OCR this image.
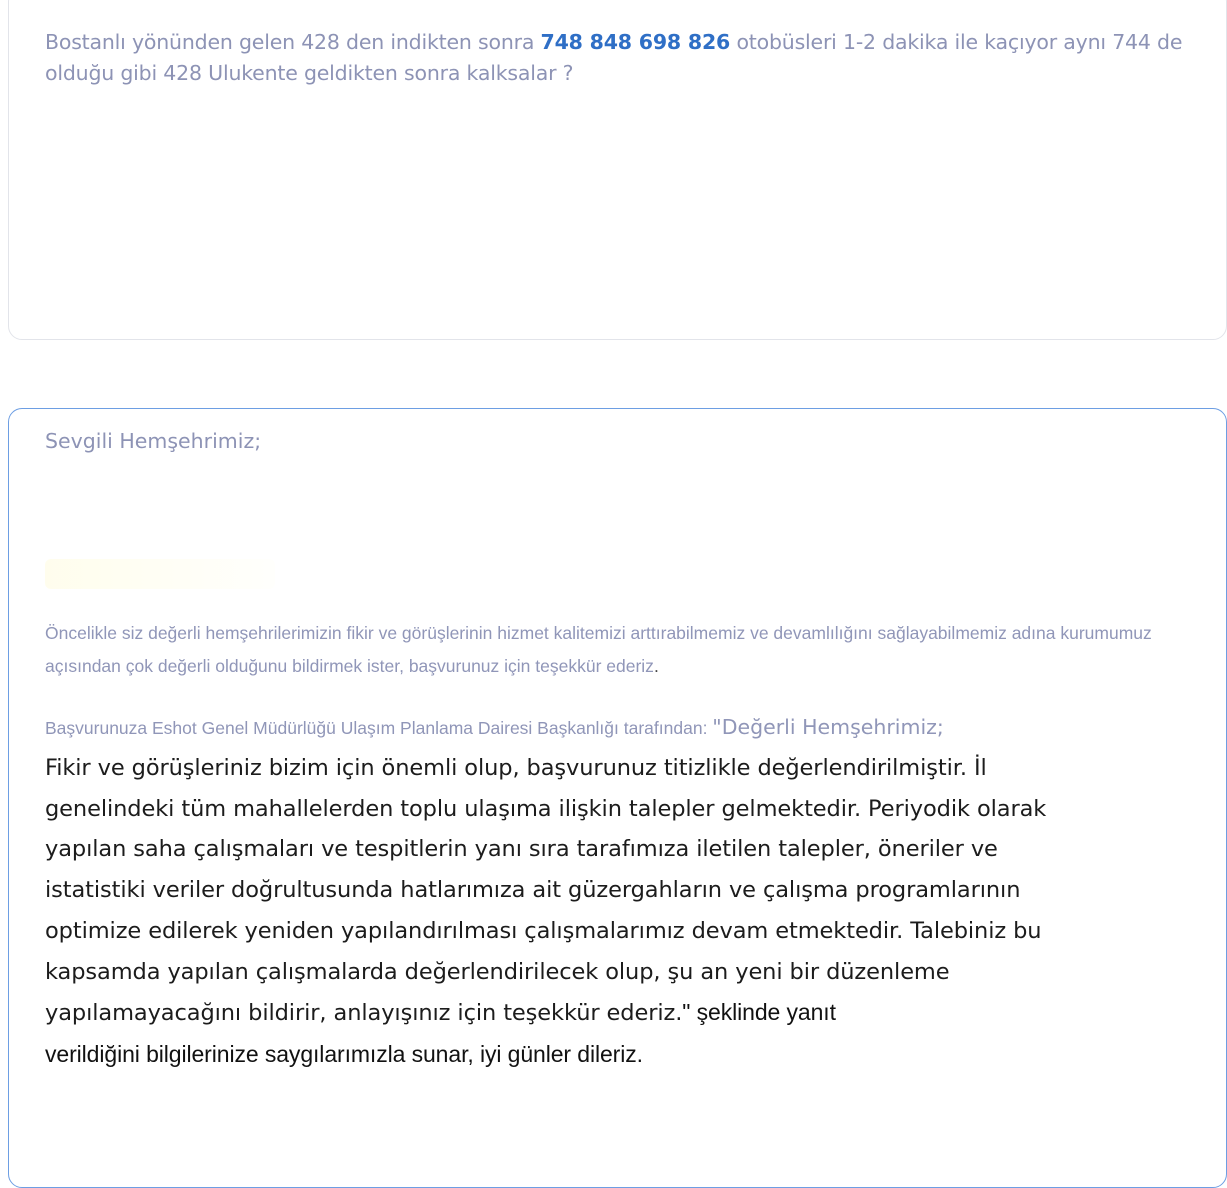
Bostanlı yönünden gelen 428 den indikten sonra 748 848 698 826 otobüsleri 1-2 dakika ile kaçıyor aynı 744 de olduğu gibi 428 Ulukente geldikten sonra kalksalar ?

Sevgili Hemşehrimiz;

Öncelikle siz değerli hemşehrilerimizin fikir ve görüşlerinin hizmet kalitemizi arttırabilmemiz ve devamlılığını sağlayabilmemiz adına kurumumuz açısından çok değerli olduğunu bildirmek ister, başvurunuz için teşekkür ederiz.

Başvurunuza Eshot Genel Müdürlüğü Ulaşım Planlama Dairesi Başkanlığı tarafından: "Değerli Hemşehrimiz;

Fikir ve görüşleriniz bizim için önemli olup, başvurunuz titizlikle değerlendirilmiştir. İl
genelindeki tüm mahallelerden toplu ulaşıma ilişkin talepler gelmektedir. Periyodik olarak
yapılan saha çalışmaları ve tespitlerin yanı sıra tarafımıza iletilen talepler, öneriler ve
istatistiki veriler doğrultusunda hatlarımıza ait güzergahların ve çalışma programlarının
optimize edilerek yeniden yapılandırılması çalışmalarımız devam etmektedir. Talebiniz bu
kapsamda yapılan çalışmalarda değerlendirilecek olup, şu an yeni bir düzenleme
yapılamayacağını bildirir, anlayışınız için teşekkür ederiz." şeklinde yanıt
verildiğini bilgilerinize saygılarımızla sunar, iyi günler dileriz.
